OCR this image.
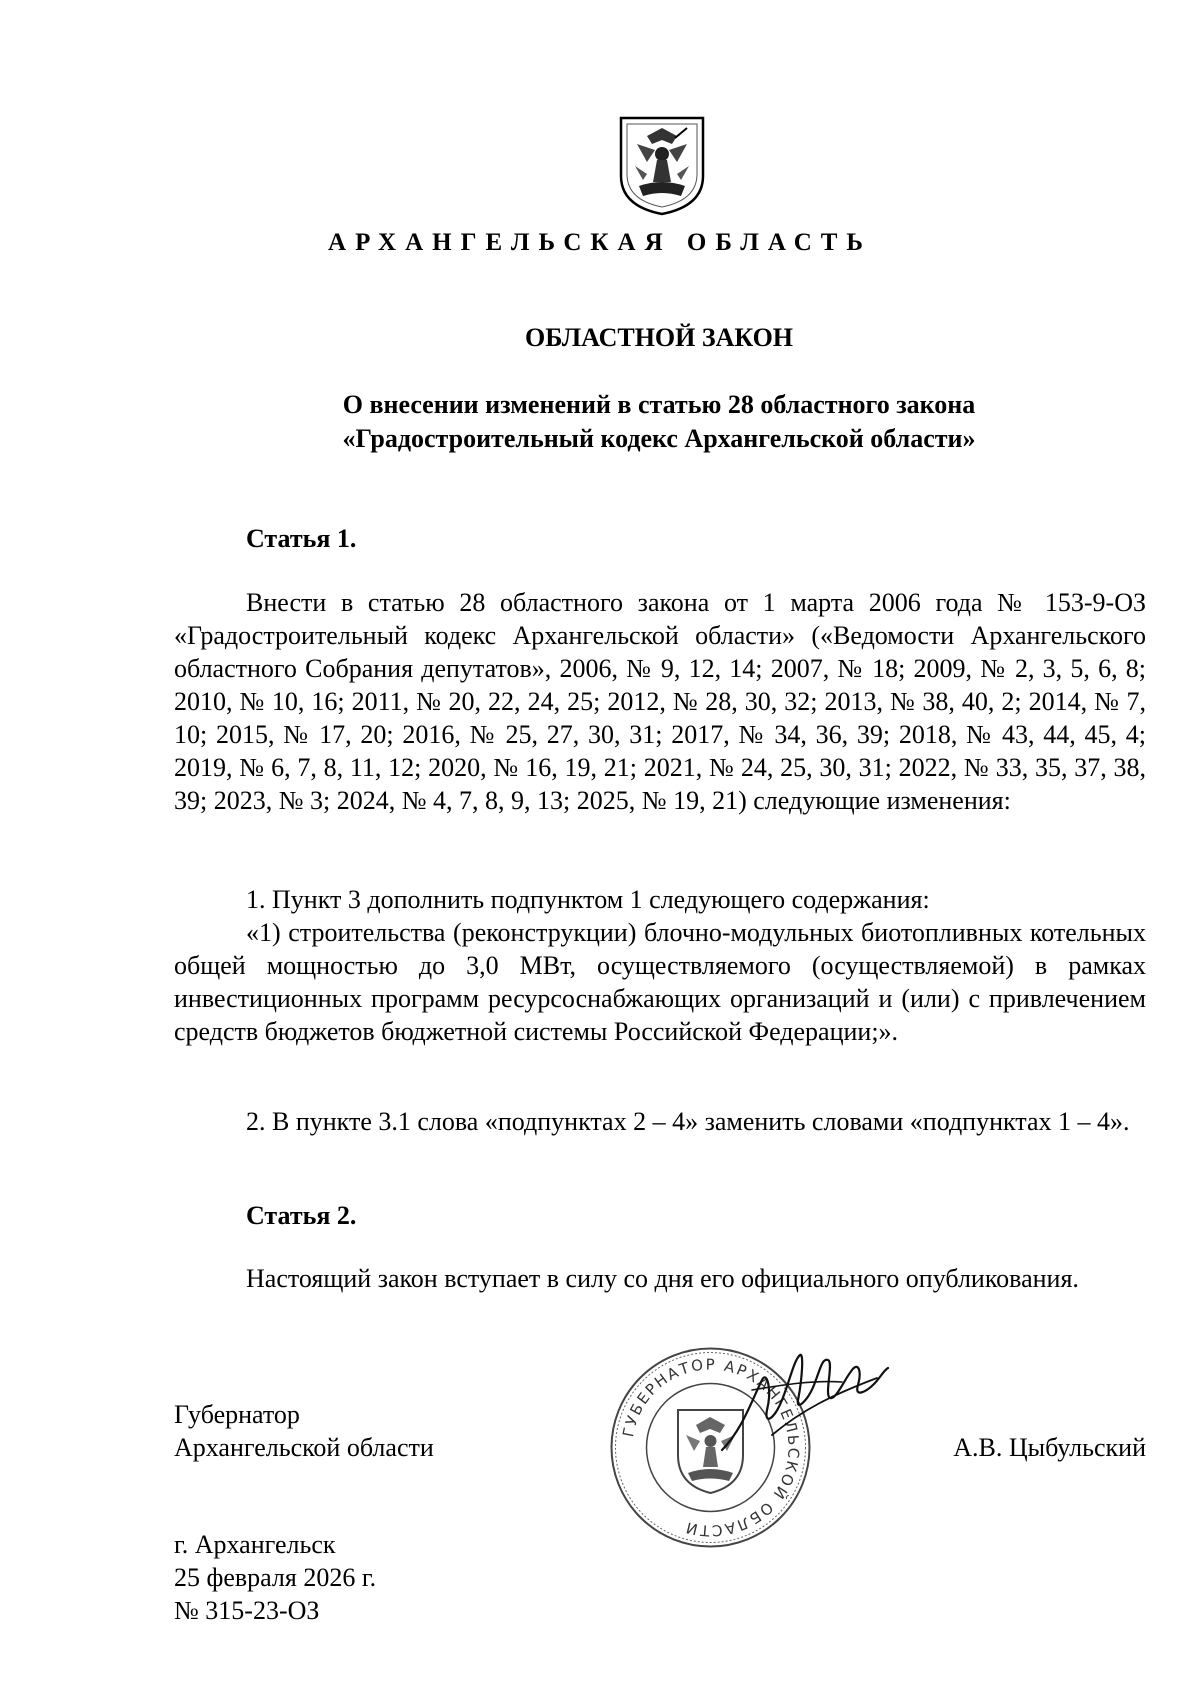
АРХАНГЕЛЬСКАЯ ОБЛАСТЬ
ОБЛАСТНОЙ ЗАКОН
О внесении изменений в статью 28 областного закона
«Градостроительный кодекс Архангельской области»
Статья 1.

Внести в статью 28 областного закона от 1 марта 2006 года № 153-9-ОЗ «Градостроительный кодекс Архангельской области» («Ведомости Архангельского областного Собрания депутатов», 2006, № 9, 12, 14; 2007, № 18; 2009, № 2, 3, 5, 6, 8; 2010, № 10, 16; 2011, № 20, 22, 24, 25; 2012, № 28, 30, 32; 2013, № 38, 40, 2; 2014, № 7, 10; 2015, № 17, 20; 2016, № 25, 27, 30, 31; 2017, № 34, 36, 39; 2018, № 43, 44, 45, 4; 2019, № 6, 7, 8, 11, 12; 2020, № 16, 19, 21; 2021, № 24, 25, 30, 31; 2022, № 33, 35, 37, 38, 39; 2023, № 3; 2024, № 4, 7, 8, 9, 13; 2025, № 19, 21) следующие изменения:

1. Пункт 3 дополнить подпунктом 1 следующего содержания:

«1) строительства (реконструкции) блочно-модульных биотопливных котельных общей мощностью до 3,0 МВт, осуществляемого (осуществляемой) в рамках инвестиционных программ ресурсоснабжающих организаций и (или) с привлечением средств бюджетов бюджетной системы Российской Федерации;».

2. В пункте 3.1 слова «подпунктах 2 – 4» заменить словами «подпунктах 1 – 4».

Статья 2.

Настоящий закон вступает в силу со дня его официального опубликования.

Губернатор
Архангельской области
ГУБЕРНАТОР АРХАНГЕЛЬСКОЙ ОБЛАСТИ
А.В. Цыбульский
г. Архангельск
25 февраля 2026 г.
№ 315-23-ОЗ
